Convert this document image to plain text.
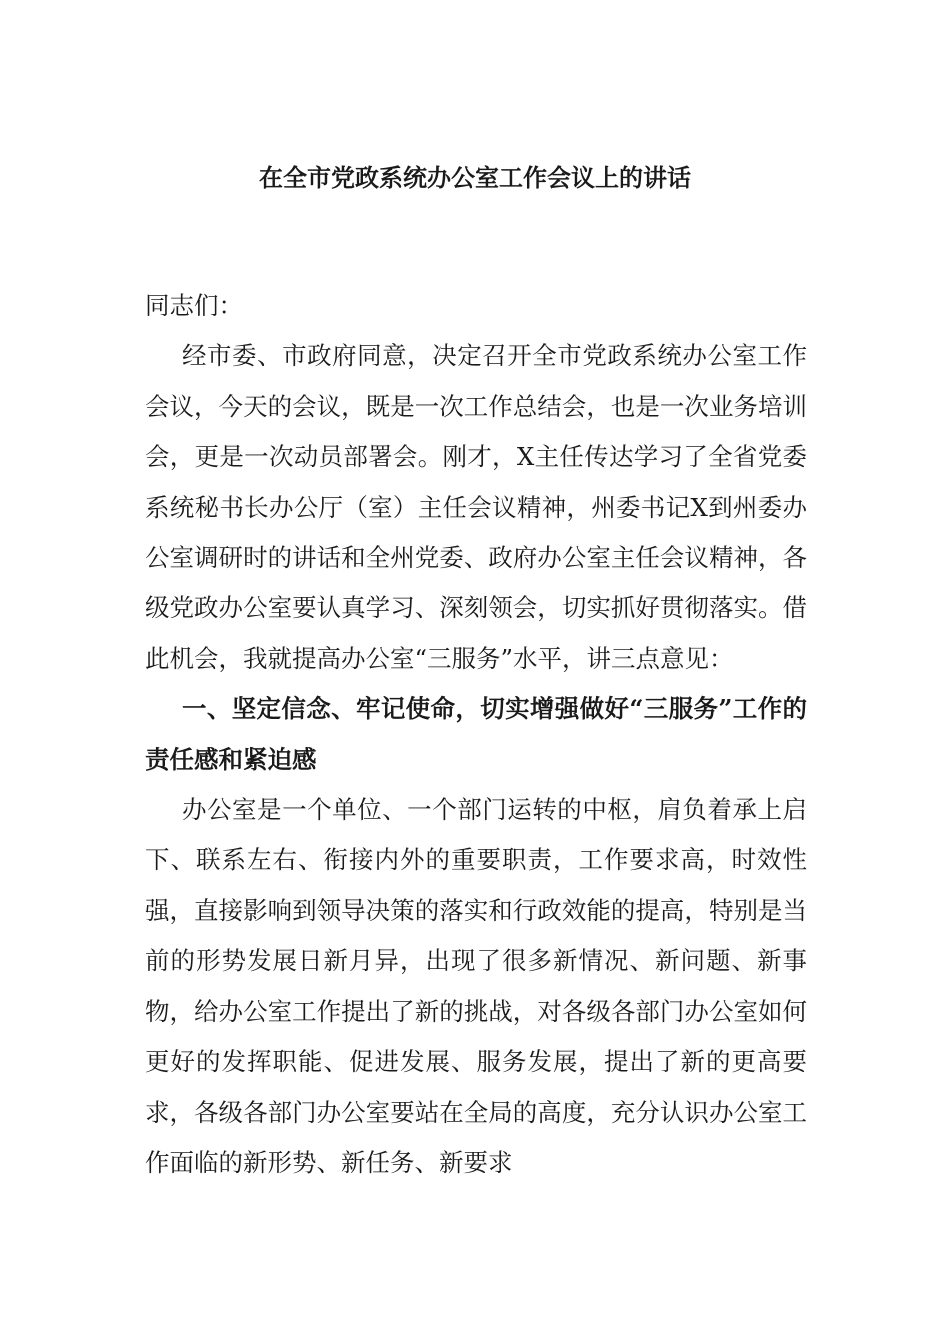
在全市党政系统办公室工作会议上的讲话

同志们：

经市委、市政府同意，决定召开全市党政系统办公室工作会议，今天的会议，既是一次工作总结会，也是一次业务培训会，更是一次动员部署会。刚才，X主任传达学习了全省党委系统秘书长办公厅（室）主任会议精神，州委书记X到州委办公室调研时的讲话和全州党委、政府办公室主任会议精神，各级党政办公室要认真学习、深刻领会，切实抓好贯彻落实。借此机会，我就提高办公室“三服务”水平，讲三点意见：

一、坚定信念、牢记使命，切实增强做好“三服务”工作的责任感和紧迫感

办公室是一个单位、一个部门运转的中枢，肩负着承上启下、联系左右、衔接内外的重要职责，工作要求高，时效性强，直接影响到领导决策的落实和行政效能的提高，特别是当前的形势发展日新月异，出现了很多新情况、新问题、新事物，给办公室工作提出了新的挑战，对各级各部门办公室如何更好的发挥职能、促进发展、服务发展，提出了新的更高要求，各级各部门办公室要站在全局的高度，充分认识办公室工作面临的新形势、新任务、新要求
